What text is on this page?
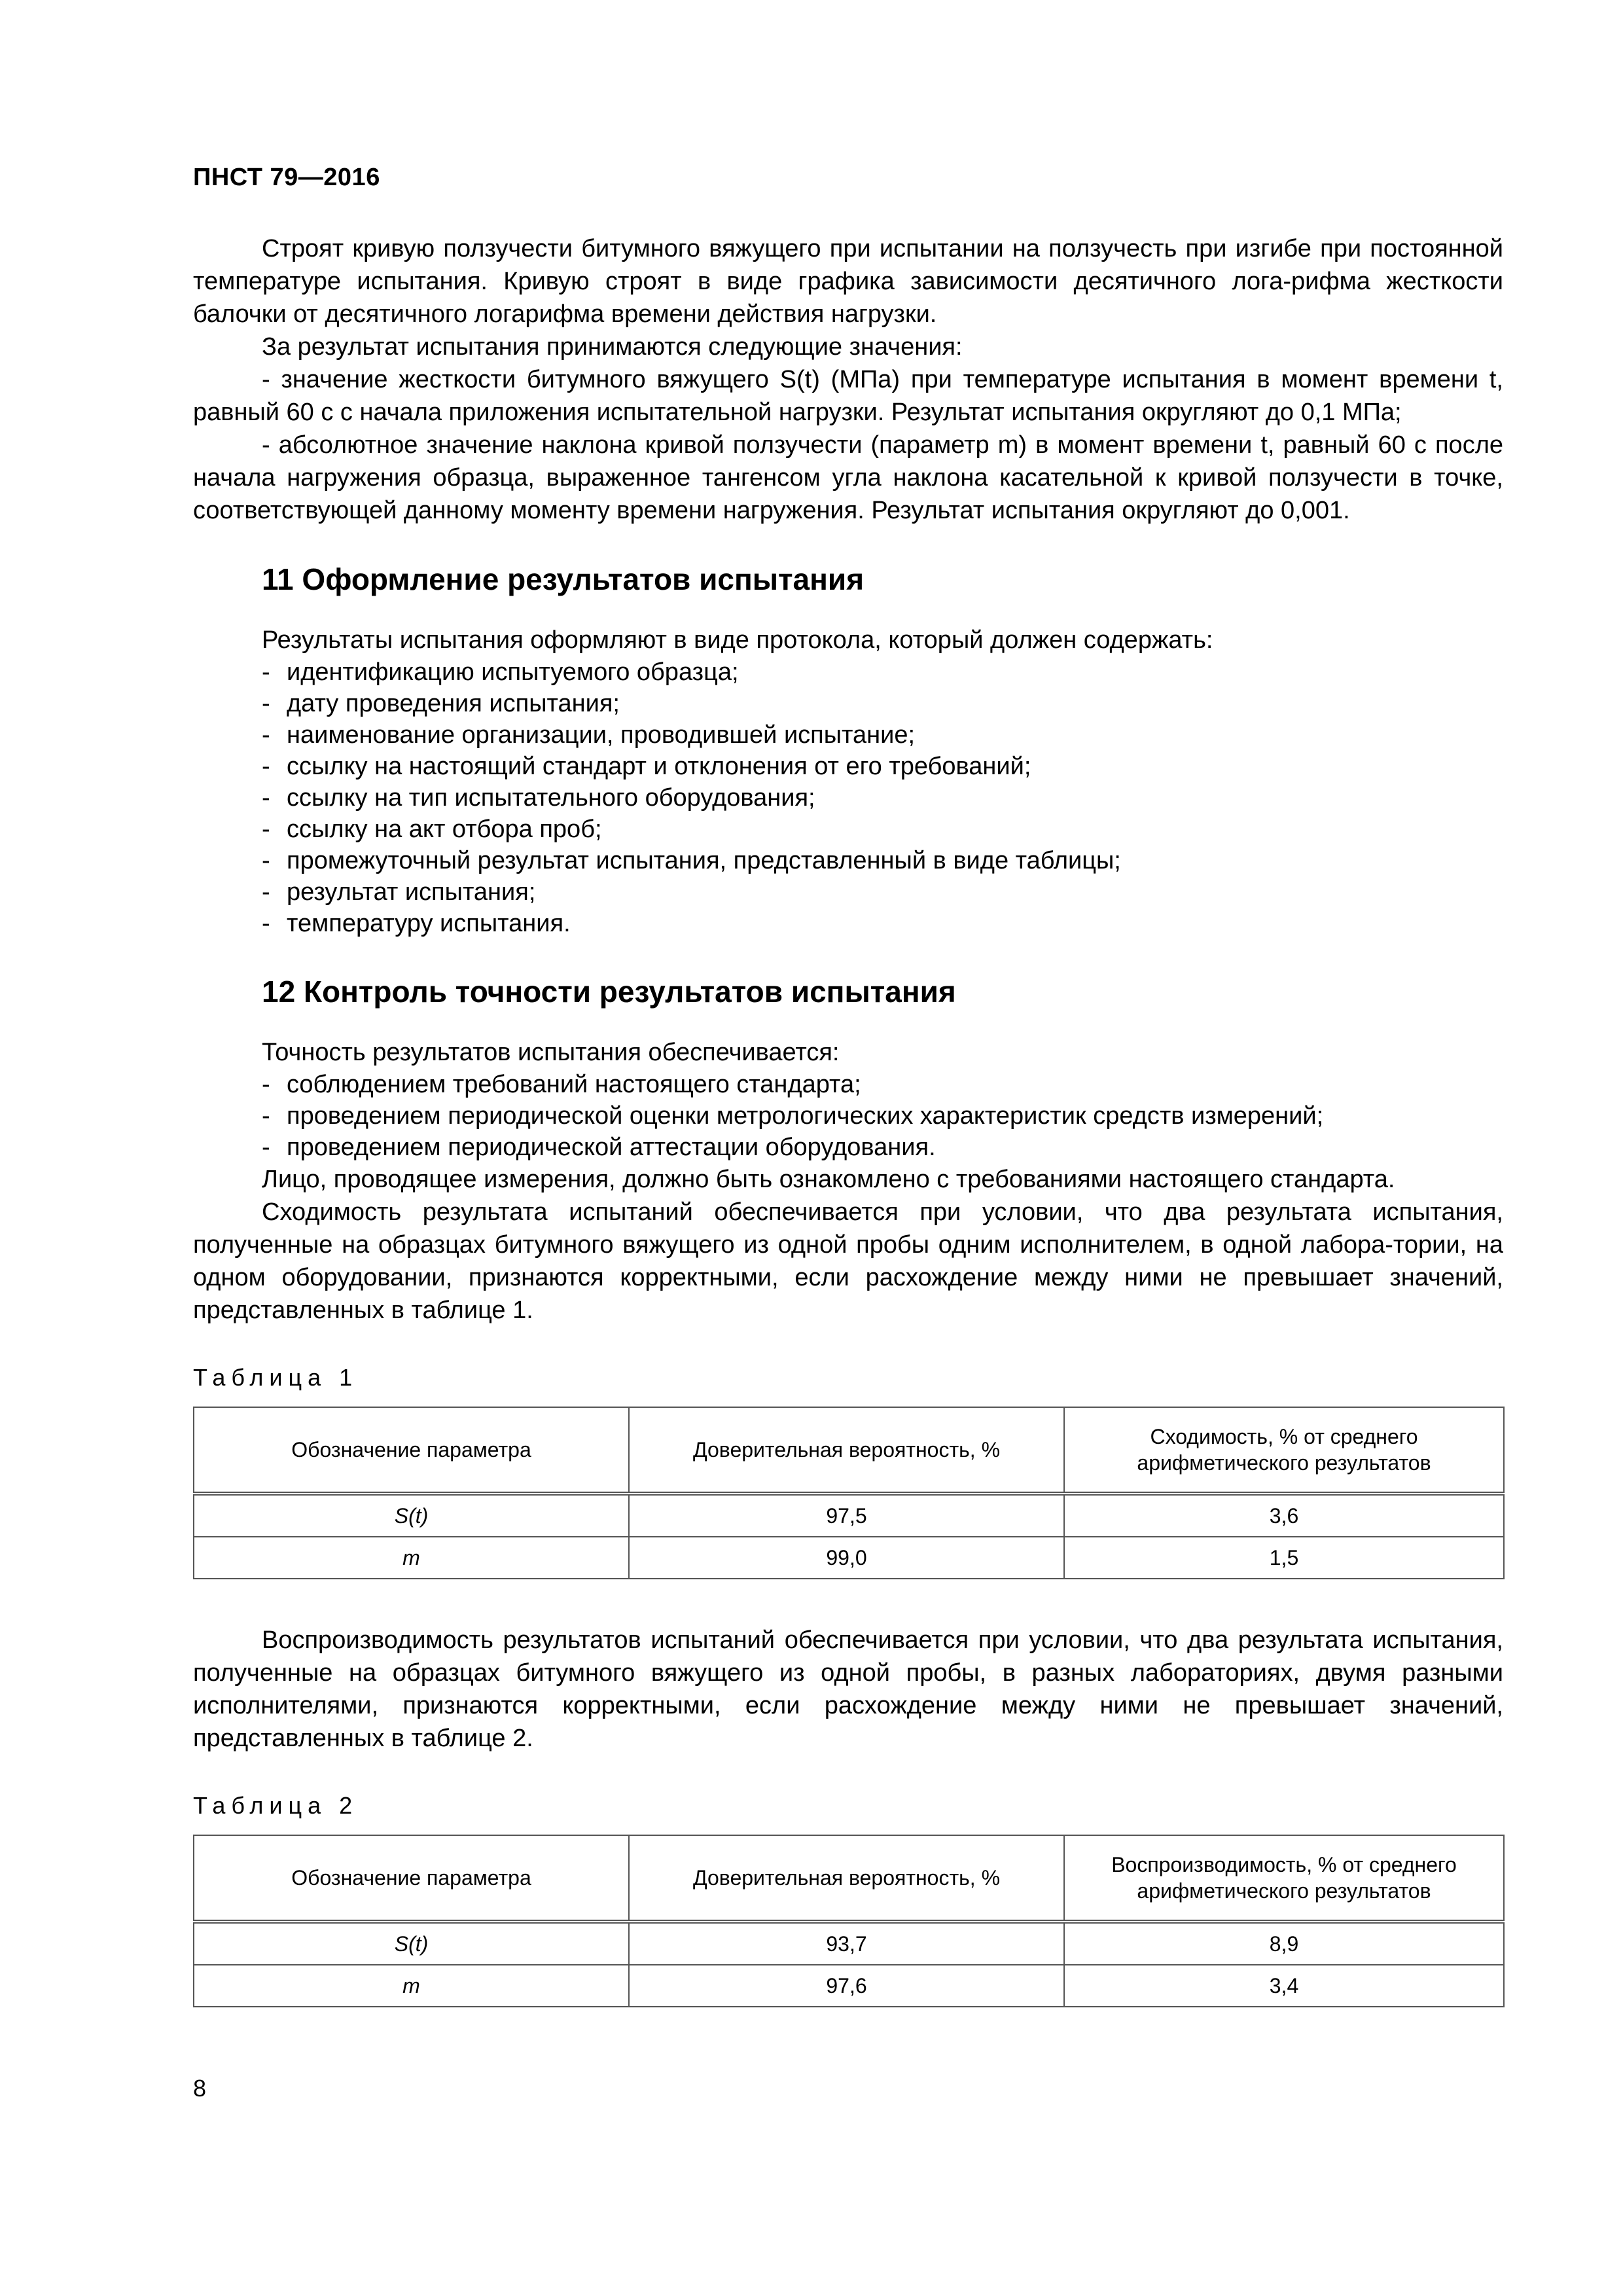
ПНСТ 79—2016

Строят кривую ползучести битумного вяжущего при испытании на ползучесть при изгибе при постоянной температуре испытания. Кривую строят в виде графика зависимости десятичного лога-рифма жесткости балочки от десятичного логарифма времени действия нагрузки.

За результат испытания принимаются следующие значения:

- значение жесткости битумного вяжущего S(t) (МПа) при температуре испытания в момент времени t, равный 60 с с начала приложения испытательной нагрузки. Результат испытания округляют до 0,1 МПа;

- абсолютное значение наклона кривой ползучести (параметр m) в момент времени t, равный 60 с после начала нагружения образца, выраженное тангенсом угла наклона касательной к кривой ползучести в точке, соответствующей данному моменту времени нагружения. Результат испытания округляют до 0,001.

11 Оформление результатов испытания

Результаты испытания оформляют в виде протокола, который должен содержать:

- идентификацию испытуемого образца;
- дату проведения испытания;
- наименование организации, проводившей испытание;
- ссылку на настоящий стандарт и отклонения от его требований;
- ссылку на тип испытательного оборудования;
- ссылку на акт отбора проб;
- промежуточный результат испытания, представленный в виде таблицы;
- результат испытания;
- температуру испытания.
12 Контроль точности результатов испытания

Точность результатов испытания обеспечивается:

- соблюдением требований настоящего стандарта;
- проведением периодической оценки метрологических характеристик средств измерений;
- проведением периодической аттестации оборудования.

Лицо, проводящее измерения, должно быть ознакомлено с требованиями настоящего стандарта.

Сходимость результата испытаний обеспечивается при условии, что два результата испытания, полученные на образцах битумного вяжущего из одной пробы одним исполнителем, в одной лабора-тории, на одном оборудовании, признаются корректными, если расхождение между ними не превышает значений, представленных в таблице 1.

Таблица 1

Обозначение параметра	Доверительная вероятность, %	Сходимость, % от среднего арифметического результатов
S(t)	97,5	3,6
m	99,0	1,5

Воспроизводимость результатов испытаний обеспечивается при условии, что два результата испытания, полученные на образцах битумного вяжущего из одной пробы, в разных лабораториях, двумя разными исполнителями, признаются корректными, если расхождение между ними не превышает значений, представленных в таблице 2.

Таблица 2

Обозначение параметра	Доверительная вероятность, %	Воспроизводимость, % от среднего арифметического результатов
S(t)	93,7	8,9
m	97,6	3,4
8
